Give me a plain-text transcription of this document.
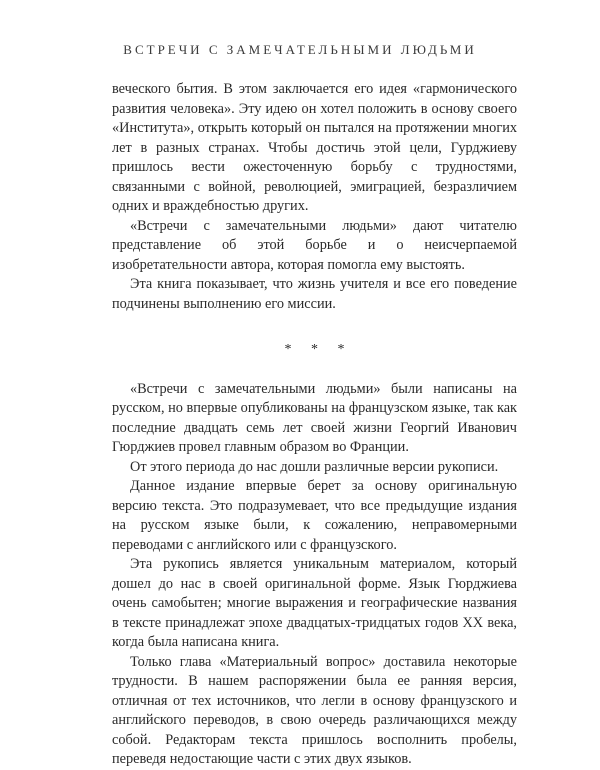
ВСТРЕЧИ С ЗАМЕЧАТЕЛЬНЫМИ ЛЮДЬМИ

вечеcкого бытия. В этом заключается его идея «гармонического развития человека». Эту идею он хотел положить в основу своего «Института», открыть который он пытался на протяжении многих лет в разных странах. Чтобы достичь этой цели, Гурджиеву пришлось вести ожесточенную борьбу с трудностями, связанными с войной, революцией, эмиграцией, безразличием одних и враждебностью других.

«Встречи с замечательными людьми» дают читателю представление об этой борьбе и о неисчерпаемой изобретательности автора, которая помогла ему выстоять.

Эта книга показывает, что жизнь учителя и все его поведение подчинены выполнению его миссии.

* * *

«Встречи с замечательными людьми» были написаны на русском, но впервые опубликованы на французском языке, так как последние двадцать семь лет своей жизни Георгий Иванович Гюрджиев провел главным образом во Франции.

От этого периода до нас дошли различные версии рукописи.

Данное издание впервые берет за основу оригинальную версию текста. Это подразумевает, что все предыдущие издания на русском языке были, к сожалению, неправомерными переводами с английского или с французского.

Эта рукопись является уникальным материалом, который дошел до нас в своей оригинальной форме. Язык Гюрджиева очень самобытен; многие выражения и географические названия в тексте принадлежат эпохе двадцатых-тридцатых годов XX века, когда была написана книга.

Только глава «Материальный вопрос» доставила некоторые трудности. В нашем распоряжении была ее ранняя версия, отличная от тех источников, что легли в основу французского и английского переводов, в свою очередь различающихся между собой. Редакторам текста пришлось восполнить пробелы, переведя недостающие части с этих двух языков.
